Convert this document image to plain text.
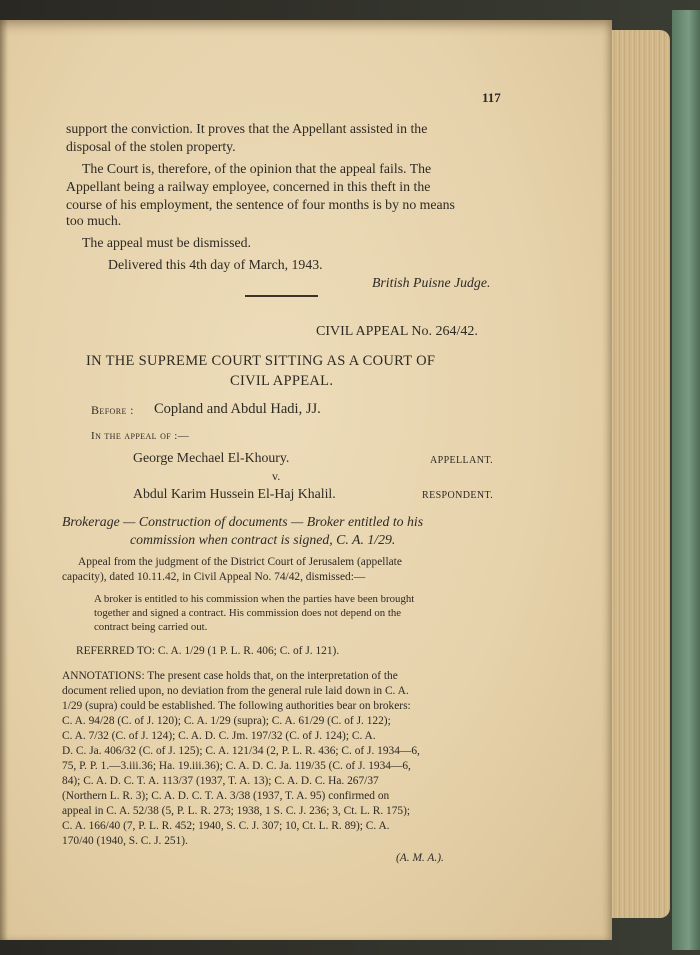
117
support the conviction. It proves that the Appellant assisted in the
disposal of the stolen property.
The Court is, therefore, of the opinion that the appeal fails. The
Appellant being a railway employee, concerned in this theft in the
course of his employment, the sentence of four months is by no means
too much.
The appeal must be dismissed.
Delivered this 4th day of March, 1943.
British Puisne Judge.
CIVIL APPEAL No. 264/42.
IN THE SUPREME COURT SITTING AS A COURT OF
CIVIL APPEAL.
Before : Copland and Abdul Hadi, JJ.
In the appeal of :—
George Mechael El-Khoury.	APPELLANT.
v.
Abdul Karim Hussein El-Haj Khalil.	RESPONDENT.
Brokerage — Construction of documents — Broker entitled to his
commission when contract is signed, C. A. 1/29.
Appeal from the judgment of the District Court of Jerusalem (appellate
capacity), dated 10.11.42, in Civil Appeal No. 74/42, dismissed:—
A broker is entitled to his commission when the parties have been brought
together and signed a contract. His commission does not depend on the
contract being carried out.
REFERRED TO: C. A. 1/29 (1 P. L. R. 406; C. of J. 121).
ANNOTATIONS: The present case holds that, on the interpretation of the
document relied upon, no deviation from the general rule laid down in C. A.
1/29 (supra) could be established. The following authorities bear on brokers:
C. A. 94/28 (C. of J. 120); C. A. 1/29 (supra); C. A. 61/29 (C. of J. 122);
C. A. 7/32 (C. of J. 124); C. A. D. C. Jm. 197/32 (C. of J. 124); C. A.
D. C. Ja. 406/32 (C. of J. 125); C. A. 121/34 (2, P. L. R. 436; C. of J. 1934—6,
75, P. P. 1.—3.iii.36; Ha. 19.iii.36); C. A. D. C. Ja. 119/35 (C. of J. 1934—6,
84); C. A. D. C. T. A. 113/37 (1937, T. A. 13); C. A. D. C. Ha. 267/37
(Northern L. R. 3); C. A. D. C. T. A. 3/38 (1937, T. A. 95) confirmed on
appeal in C. A. 52/38 (5, P. L. R. 273; 1938, 1 S. C. J. 236; 3, Ct. L. R. 175);
C. A. 166/40 (7, P. L. R. 452; 1940, S. C. J. 307; 10, Ct. L. R. 89); C. A.
170/40 (1940, S. C. J. 251).
(A. M. A.).
